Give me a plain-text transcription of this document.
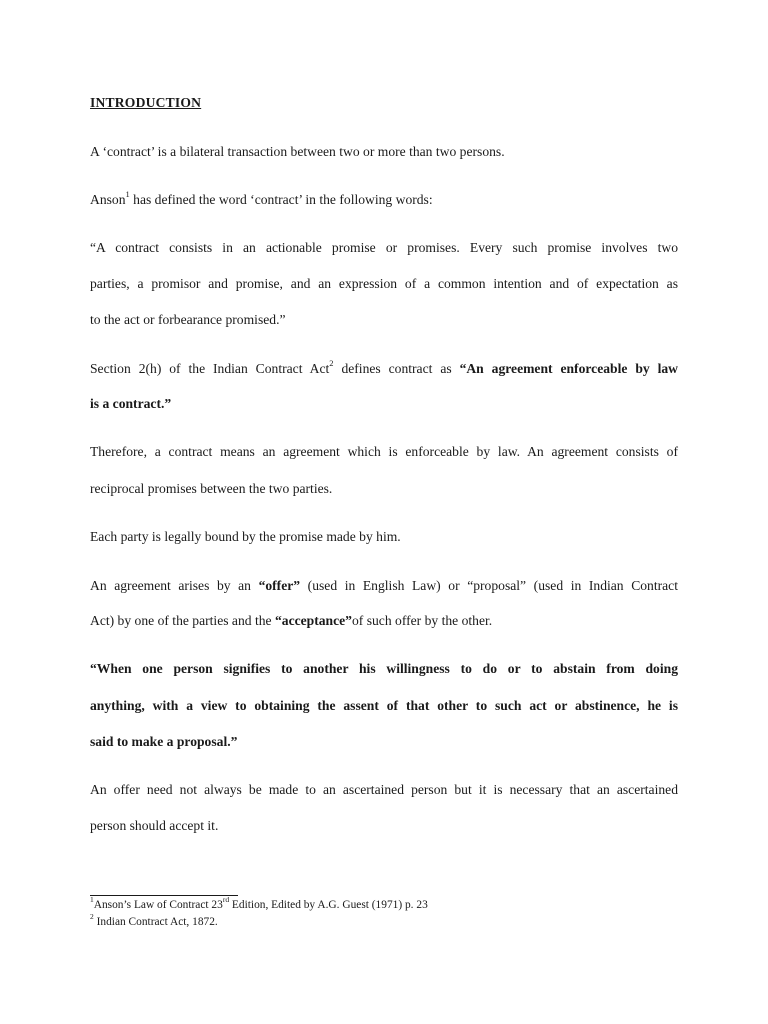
INTRODUCTION
A ‘contract’ is a bilateral transaction between two or more than two persons.
Anson$^1$ has defined the word ‘contract’ in the following words:
“A contract consists in an actionable promise or promises. Every such promise involves two
parties, a promisor and promise, and an expression of a common intention and of expectation as
to the act or forbearance promised.”
Section 2(h) of the Indian Contract Act$^2$ defines contract as “An agreement enforceable by law
is a contract.”
Therefore, a contract means an agreement which is enforceable by law. An agreement consists of
reciprocal promises between the two parties.
Each party is legally bound by the promise made by him.
An agreement arises by an “offer” (used in English Law) or “proposal” (used in Indian Contract
Act) by one of the parties and the “acceptance”of such offer by the other.
“When one person signifies to another his willingness to do or to abstain from doing
anything, with a view to obtaining the assent of that other to such act or abstinence, he is
said to make a proposal.”
An offer need not always be made to an ascertained person but it is necessary that an ascertained
person should accept it.
$^1$Anson’s Law of Contract 23rd Edition, Edited by A.G. Guest (1971) p. 23
$^2$ Indian Contract Act, 1872.
